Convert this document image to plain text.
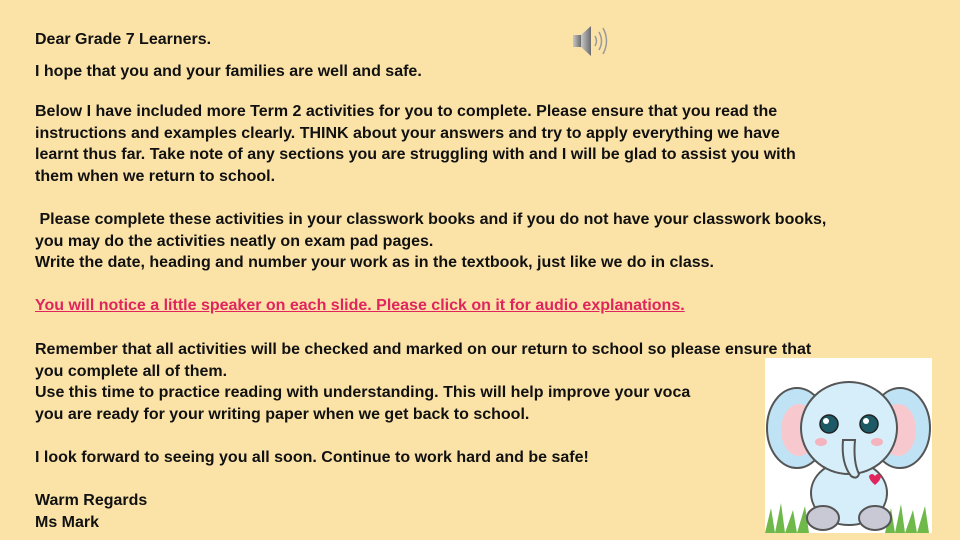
Dear Grade 7 Learners.
I hope that you and your families are well and safe.
Below I have included more Term 2 activities for you to complete. Please ensure that you read the
instructions and examples clearly. THINK about your answers and try to apply everything we have
learnt thus far. Take note of any sections you are struggling with and I will be glad to assist you with
them when we return to school.
Please complete these activities in your classwork books and if you do not have your classwork books,
you may do the activities neatly on exam pad pages.
Write the date, heading and number your work as in the textbook, just like we do in class.
You will notice a little speaker on each slide. Please click on it for audio explanations.
Remember that all activities will be checked and marked on our return to school so please ensure that
you complete all of them.
Use this time to practice reading with understanding. This will help improve your voca
you are ready for your writing paper when we get back to school.
I look forward to seeing you all soon. Continue to work hard and be safe!
Warm Regards
Ms Mark
